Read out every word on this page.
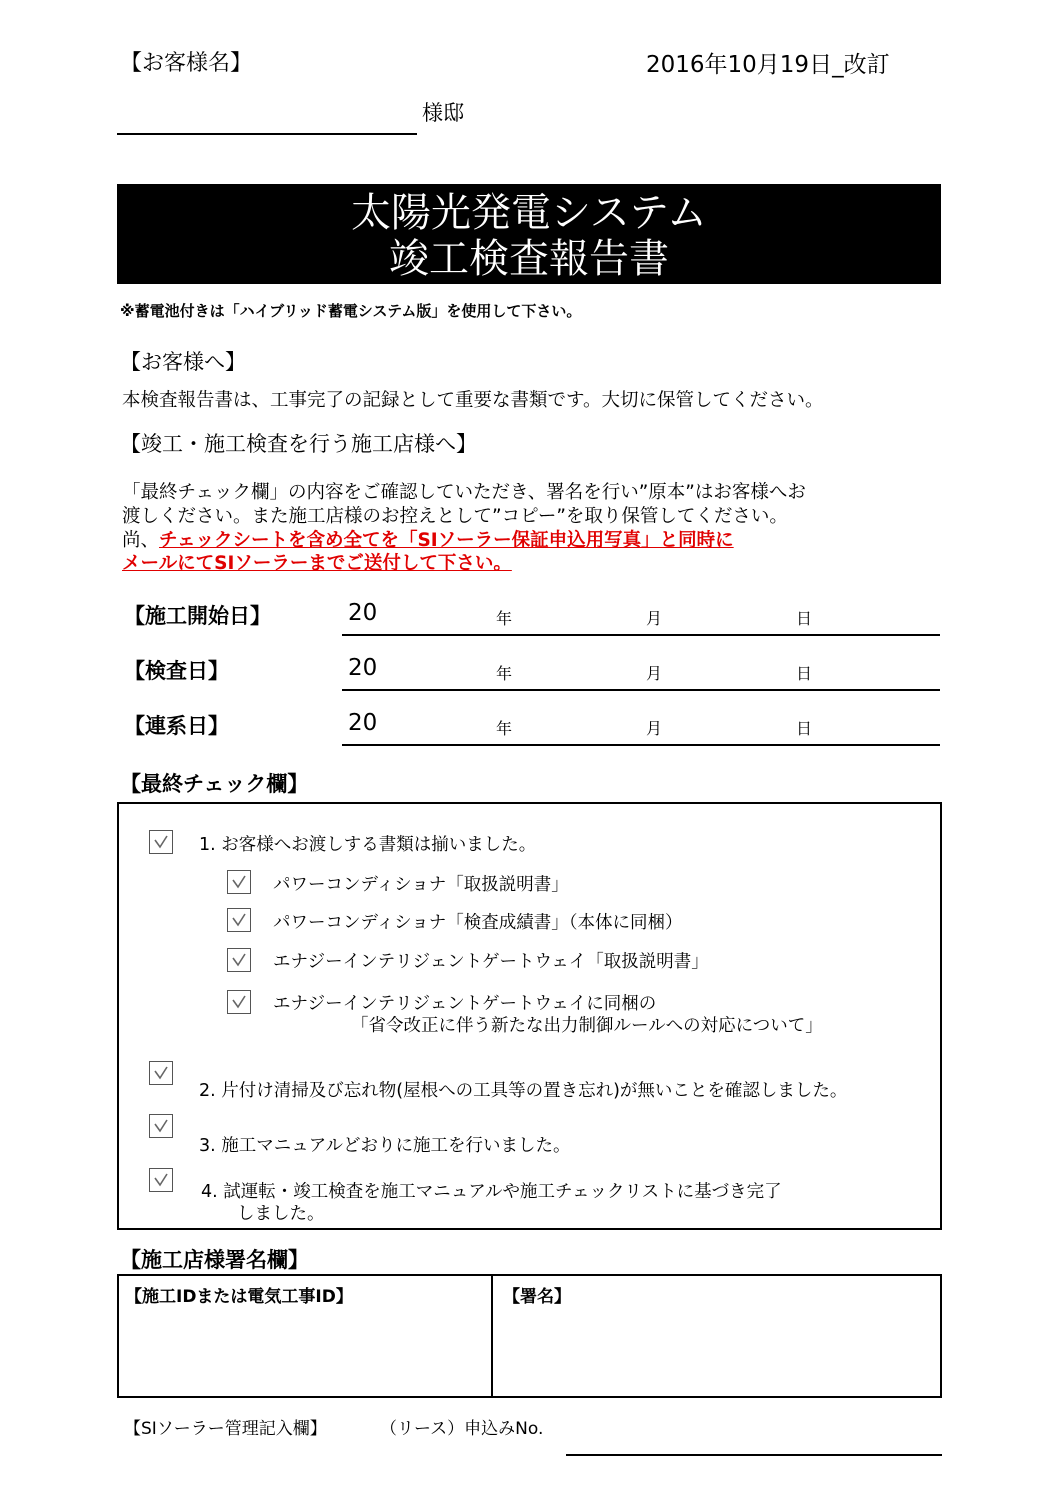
【お客様名】	2016年10月19日_改訂
様邸
太陽光発電システム
竣工検査報告書
※蓄電池付きは「ハイブリッド蓄電システム版」を使用して下さい。
【お客様へ】
本検査報告書は、工事完了の記録として重要な書類です。大切に保管してください。
【竣工・施工検査を行う施工店様へ】
「最終チェック欄」の内容をご確認していただき、署名を行い”原本”はお客様へお
渡しください。また施工店様のお控えとして”コピー”を取り保管してください。
尚、チェックシートを含め全てを「SIソーラー保証申込用写真」と同時に
メールにてSIソーラーまでご送付して下さい。
【施工開始日】	20	年	月	日
【検査日】	20	年	月	日
【連系日】	20	年	月	日
【最終チェック欄】
1. お客様へお渡しする書類は揃いました。
パワーコンディショナ「取扱説明書」
パワーコンディショナ「検査成績書」（本体に同梱）
エナジーインテリジェントゲートウェイ「取扱説明書」
エナジーインテリジェントゲートウェイに同梱の
「省令改正に伴う新たな出力制御ルールへの対応について」
2. 片付け清掃及び忘れ物(屋根への工具等の置き忘れ)が無いことを確認しました。
3. 施工マニュアルどおりに施工を行いました。
4. 試運転・竣工検査を施工マニュアルや施工チェックリストに基づき完了
しました。
【施工店様署名欄】
【施工IDまたは電気工事ID】	【署名】
【SIソーラー管理記入欄】	（リース）申込みNo.
